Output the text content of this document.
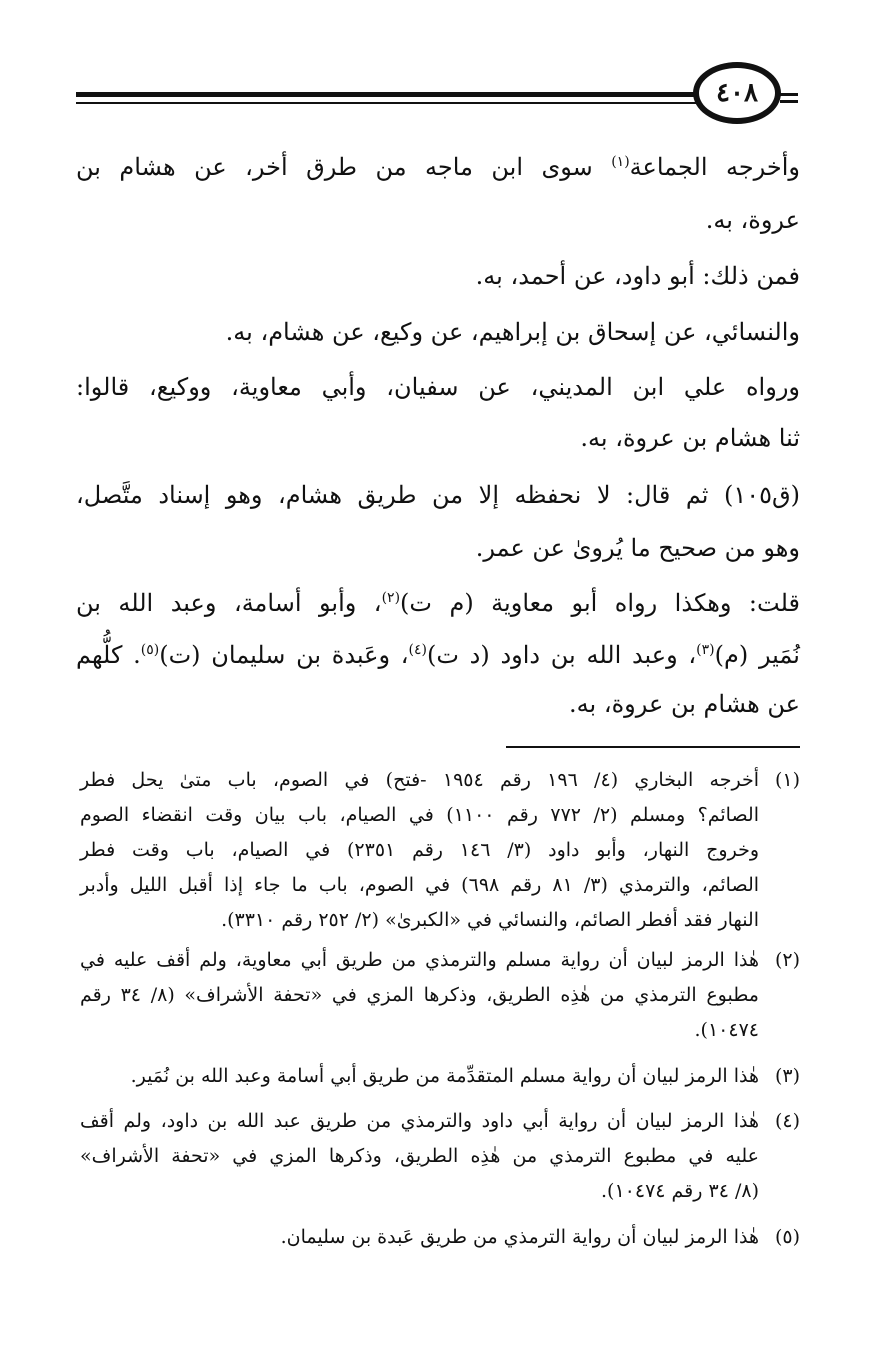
٤٠٨
وأخرجه الجماعة$^{(١)}$ سوى ابن ماجه من طرق أخر، عن هشام بن
عروة، به.
فمن ذلك: أبو داود، عن أحمد، به.
والنسائي، عن إسحاق بن إبراهيم، عن وكيع، عن هشام، به.
ورواه علي ابن المديني، عن سفيان، وأبي معاوية، ووكيع، قالوا:
ثنا هشام بن عروة، به.
(ق١٠٥) ثم قال: لا نحفظه إلا من طريق هشام، وهو إسناد متَّصل،
وهو من صحيح ما يُروىٰ عن عمر.
قلت: وهكذا رواه أبو معاوية (م ت)$^{(٢)}$، وأبو أسامة، وعبد الله بن
نُمَير (م)$^{(٣)}$، وعبد الله بن داود (د ت)$^{(٤)}$، وعَبدة بن سليمان (ت)$^{(٥)}$. كلُّهم
عن هشام بن عروة، به.
(١)
أخرجه البخاري (٤/ ١٩٦ رقم ١٩٥٤ -فتح) في الصوم، باب متىٰ يحل فطر
الصائم؟ ومسلم (٢/ ٧٧٢ رقم ١١٠٠) في الصيام، باب بيان وقت انقضاء الصوم
وخروج النهار، وأبو داود (٣/ ١٤٦ رقم ٢٣٥١) في الصيام، باب وقت فطر
الصائم، والترمذي (٣/ ٨١ رقم ٦٩٨) في الصوم، باب ما جاء إذا أقبل الليل وأدبر
النهار فقد أفطر الصائم، والنسائي في «الكبرىٰ» (٢/ ٢٥٢ رقم ٣٣١٠).
(٢)
هٰذا الرمز لبيان أن رواية مسلم والترمذي من طريق أبي معاوية، ولم أقف عليه في
مطبوع الترمذي من هٰذِه الطريق، وذكرها المزي في «تحفة الأشراف» (٨/ ٣٤ رقم
١٠٤٧٤).
(٣)
هٰذا الرمز لبيان أن رواية مسلم المتقدِّمة من طريق أبي أسامة وعبد الله بن نُمَير.
(٤)
هٰذا الرمز لبيان أن رواية أبي داود والترمذي من طريق عبد الله بن داود، ولم أقف
عليه في مطبوع الترمذي من هٰذِه الطريق، وذكرها المزي في «تحفة الأشراف»
(٨/ ٣٤ رقم ١٠٤٧٤).
(٥)
هٰذا الرمز لبيان أن رواية الترمذي من طريق عَبدة بن سليمان.
